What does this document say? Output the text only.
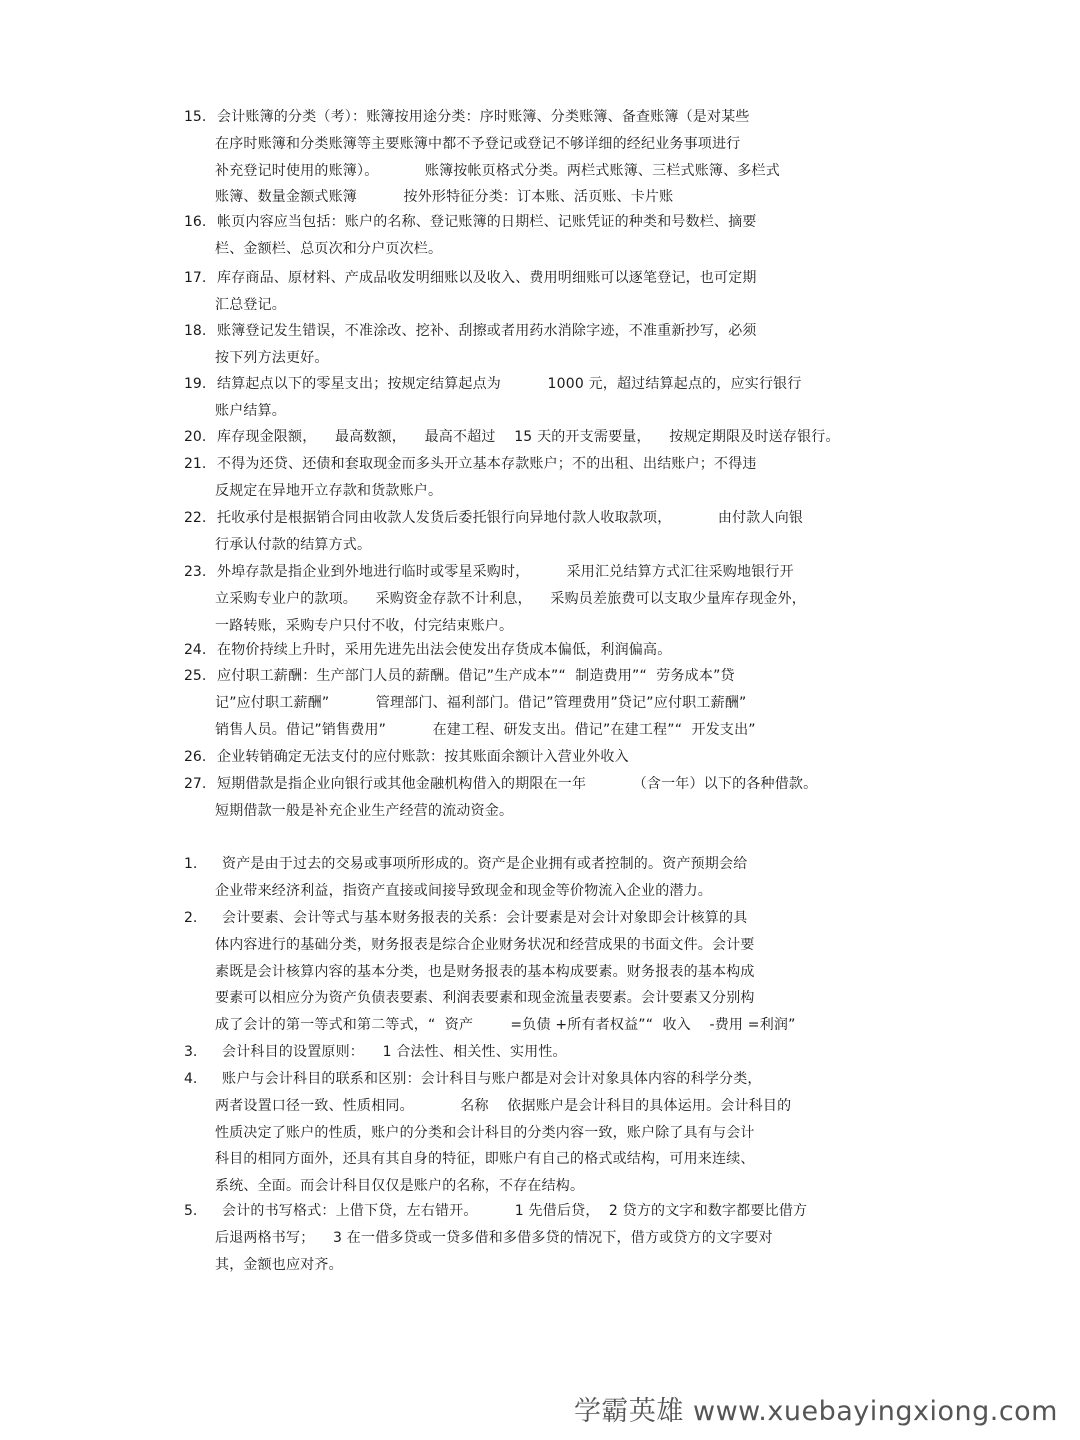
15. 会计账簿的分类（考）：账簿按用途分类：序时账簿、分类账簿、备查账簿（是对某些
在序时账簿和分类账簿等主要账簿中都不予登记或登记不够详细的经纪业务事项进行
补充登记时使用的账簿）。          账簿按帐页格式分类。两栏式账簿、三栏式账簿、多栏式
账簿、数量金额式账簿          按外形特征分类：订本账、活页账、卡片账
16. 帐页内容应当包括：账户的名称、登记账簿的日期栏、记账凭证的种类和号数栏、摘要
栏、金额栏、总页次和分户页次栏。
17. 库存商品、原材料、产成品收发明细账以及收入、费用明细账可以逐笔登记，也可定期
汇总登记。
18. 账簿登记发生错误，不准涂改、挖补、刮擦或者用药水消除字迹，不准重新抄写，必须
按下列方法更好。
19. 结算起点以下的零星支出；按规定结算起点为          1000 元，超过结算起点的，应实行银行
账户结算。
20. 库存现金限额，    最高数额，    最高不超过    15 天的开支需要量，    按规定期限及时送存银行。
21. 不得为还贷、还债和套取现金而多头开立基本存款账户；不的出租、出结账户；不得违
反规定在异地开立存款和货款账户。
22. 托收承付是根据销合同由收款人发货后委托银行向异地付款人收取款项，          由付款人向银
行承认付款的结算方式。
23. 外埠存款是指企业到外地进行临时或零星采购时，        采用汇兑结算方式汇往采购地银行开
立采购专业户的款项。    采购资金存款不计利息，    采购员差旅费可以支取少量库存现金外，
一路转账，采购专户只付不收，付完结束账户。
24. 在物价持续上升时，采用先进先出法会使发出存货成本偏低，利润偏高。
25. 应付职工薪酬：生产部门人员的薪酬。借记”生产成本”“  制造费用”“  劳务成本”贷
记”应付职工薪酬”          管理部门、福利部门。借记”管理费用”贷记”应付职工薪酬”
销售人员。借记”销售费用”          在建工程、研发支出。借记”在建工程”“  开发支出”
26. 企业转销确定无法支付的应付账款：按其账面余额计入营业外收入
27. 短期借款是指企业向银行或其他金融机构借入的期限在一年          （含一年）以下的各种借款。
短期借款一般是补充企业生产经营的流动资金。
1. 资产是由于过去的交易或事项所形成的。资产是企业拥有或者控制的。资产预期会给
企业带来经济利益，指资产直接或间接导致现金和现金等价物流入企业的潜力。
2. 会计要素、会计等式与基本财务报表的关系：会计要素是对会计对象即会计核算的具
体内容进行的基础分类，财务报表是综合企业财务状况和经营成果的书面文件。会计要
素既是会计核算内容的基本分类，也是财务报表的基本构成要素。财务报表的基本构成
要素可以相应分为资产负债表要素、利润表要素和现金流量表要素。会计要素又分别构
成了会计的第一等式和第二等式，“  资产        =负债 +所有者权益”“  收入    -费用 =利润”
3. 会计科目的设置原则：    1 合法性、相关性、实用性。
4. 账户与会计科目的联系和区别：会计科目与账户都是对会计对象具体内容的科学分类，
两者设置口径一致、性质相同。          名称    依据账户是会计科目的具体运用。会计科目的
性质决定了账户的性质，账户的分类和会计科目的分类内容一致，账户除了具有与会计
科目的相同方面外，还具有其自身的特征，即账户有自己的格式或结构，可用来连续、
系统、全面。而会计科目仅仅是账户的名称，不存在结构。
5. 会计的书写格式：上借下贷，左右错开。        1 先借后贷，  2 贷方的文字和数字都要比借方
后退两格书写；    3 在一借多贷或一贷多借和多借多贷的情况下，借方或贷方的文字要对
其，金额也应对齐。
学霸英雄 www.xuebayingxiong.com
